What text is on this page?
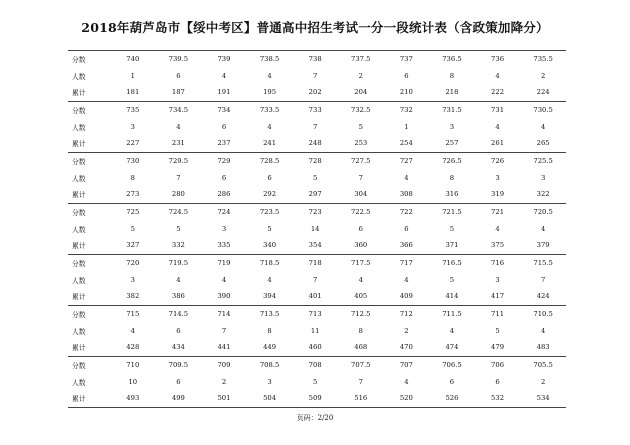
2018年葫芦岛市【绥中考区】普通高中招生考试一分一段统计表（含政策加降分）
分数	740	739.5	739	738.5	738	737.5	737	736.5	736	735.5
人数	1	6	4	4	7	2	6	8	4	2
累计	181	187	191	195	202	204	210	218	222	224
分数	735	734.5	734	733.5	733	732.5	732	731.5	731	730.5
人数	3	4	6	4	7	5	1	3	4	4
累计	227	231	237	241	248	253	254	257	261	265
分数	730	729.5	729	728.5	728	727.5	727	726.5	726	725.5
人数	8	7	6	6	5	7	4	8	3	3
累计	273	280	286	292	297	304	308	316	319	322
分数	725	724.5	724	723.5	723	722.5	722	721.5	721	720.5
人数	5	5	3	5	14	6	6	5	4	4
累计	327	332	335	340	354	360	366	371	375	379
分数	720	719.5	719	718.5	718	717.5	717	716.5	716	715.5
人数	3	4	4	4	7	4	4	5	3	7
累计	382	386	390	394	401	405	409	414	417	424
分数	715	714.5	714	713.5	713	712.5	712	711.5	711	710.5
人数	4	6	7	8	11	8	2	4	5	4
累计	428	434	441	449	460	468	470	474	479	483
分数	710	709.5	709	708.5	708	707.5	707	706.5	706	705.5
人数	10	6	2	3	5	7	4	6	6	2
累计	493	499	501	504	509	516	520	526	532	534
页码：2/20
